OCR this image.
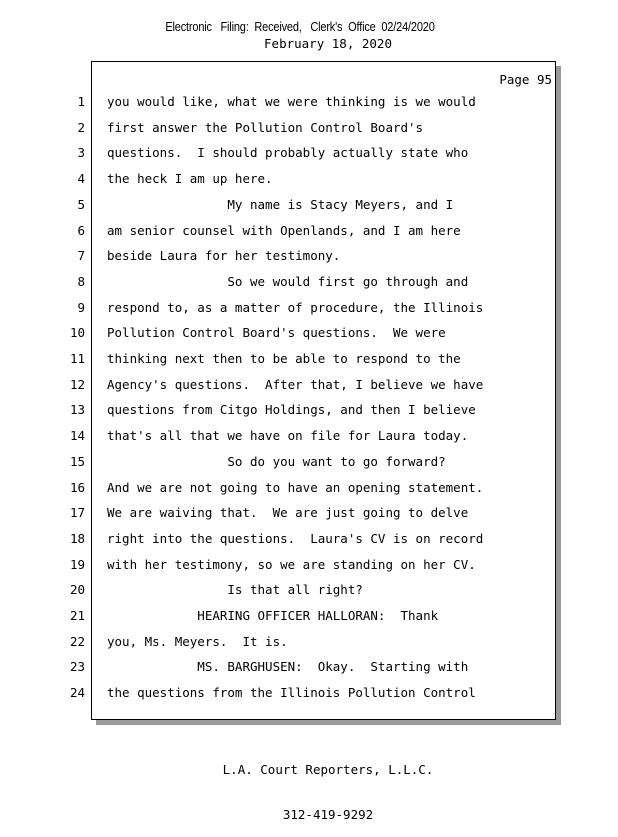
Electronic   Filing:  Received,   Clerk's  Office  02/24/2020
February 18, 2020
Page 95
1 you would like, what we were thinking is we would
2 first answer the Pollution Control Board's
3 questions.  I should probably actually state who
4 the heck I am up here.
5 My name is Stacy Meyers, and I
6 am senior counsel with Openlands, and I am here
7 beside Laura for her testimony.
8 So we would first go through and
9 respond to, as a matter of procedure, the Illinois
10 Pollution Control Board's questions.  We were
11 thinking next then to be able to respond to the
12 Agency's questions.  After that, I believe we have
13 questions from Citgo Holdings, and then I believe
14 that's all that we have on file for Laura today.
15 So do you want to go forward?
16 And we are not going to have an opening statement.
17 We are waiving that.  We are just going to delve
18 right into the questions.  Laura's CV is on record
19 with her testimony, so we are standing on her CV.
20 Is that all right?
21 HEARING OFFICER HALLORAN:  Thank
22 you, Ms. Meyers.  It is.
23 MS. BARGHUSEN:  Okay.  Starting with
24 the questions from the Illinois Pollution Control

L.A. Court Reporters, L.L.C.

312-419-9292
